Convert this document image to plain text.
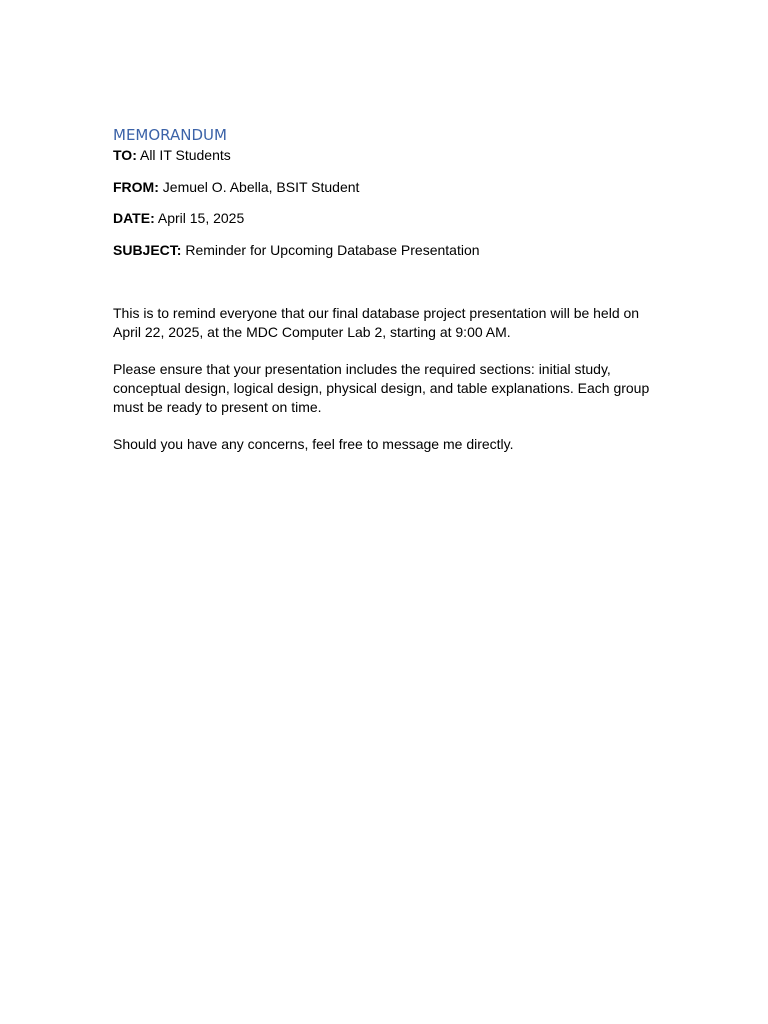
MEMORANDUM

TO: All IT Students

FROM: Jemuel O. Abella, BSIT Student

DATE: April 15, 2025

SUBJECT: Reminder for Upcoming Database Presentation

This is to remind everyone that our final database project presentation will be held on April 22, 2025, at the MDC Computer Lab 2, starting at 9:00 AM.

Please ensure that your presentation includes the required sections: initial study, conceptual design, logical design, physical design, and table explanations. Each group must be ready to present on time.

Should you have any concerns, feel free to message me directly.
